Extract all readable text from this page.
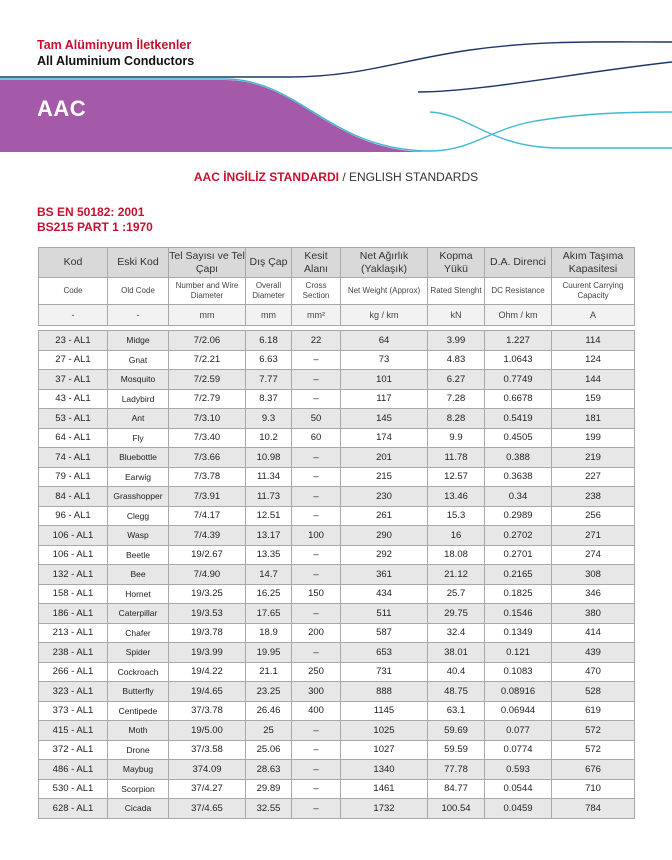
Tam Alüminyum İletkenler
All Aluminium Conductors
AAC
AAC İNGİLİZ STANDARDI / ENGLISH STANDARDS
BS EN 50182: 2001
BS215 PART 1 :1970
Kod	Eski Kod	Tel Sayısı ve Tel Çapı	Dış Çap	Kesit Alanı	Net Ağırlık (Yaklaşık)	Kopma Yükü	D.A. Direnci	Akım Taşıma Kapasitesi
Code	Old Code	Number and Wire Diameter	Overall Diameter	Cross Section	Net Weight (Approx)	Rated Stenght	DC Resistance	Cuurent Carrying Capacity
-	-	mm	mm	mm²	kg / km	kN	Ohm / km	A
23 - AL1	Midge	7/2.06	6.18	22	64	3.99	1.227	114
27 - AL1	Gnat	7/2.21	6.63	–	73	4.83	1.0643	124
37 - AL1	Mosquito	7/2.59	7.77	–	101	6.27	0.7749	144
43 - AL1	Ladybird	7/2.79	8.37	–	117	7.28	0.6678	159
53 - AL1	Ant	7/3.10	9.3	50	145	8.28	0.5419	181
64 - AL1	Fly	7/3.40	10.2	60	174	9.9	0.4505	199
74 - AL1	Bluebottle	7/3.66	10.98	–	201	11.78	0.388	219
79 - AL1	Earwig	7/3.78	11.34	–	215	12.57	0.3638	227
84 - AL1	Grasshopper	7/3.91	11.73	–	230	13.46	0.34	238
96 - AL1	Clegg	7/4.17	12.51	–	261	15.3	0.2989	256
106 - AL1	Wasp	7/4.39	13.17	100	290	16	0.2702	271
106 - AL1	Beetle	19/2.67	13.35	–	292	18.08	0.2701	274
132 - AL1	Bee	7/4.90	14.7	–	361	21.12	0.2165	308
158 - AL1	Hornet	19/3.25	16.25	150	434	25.7	0.1825	346
186 - AL1	Caterpillar	19/3.53	17.65	–	511	29.75	0.1546	380
213 - AL1	Chafer	19/3.78	18.9	200	587	32.4	0.1349	414
238 - AL1	Spider	19/3.99	19.95	–	653	38.01	0.121	439
266 - AL1	Cockroach	19/4.22	21.1	250	731	40.4	0.1083	470
323 - AL1	Butterfly	19/4.65	23.25	300	888	48.75	0.08916	528
373 - AL1	Centipede	37/3.78	26.46	400	1145	63.1	0.06944	619
415 - AL1	Moth	19/5.00	25	–	1025	59.69	0.077	572
372 - AL1	Drone	37/3.58	25.06	–	1027	59.59	0.0774	572
486 - AL1	Maybug	374.09	28.63	–	1340	77.78	0.593	676
530 - AL1	Scorpion	37/4.27	29.89	–	1461	84.77	0.0544	710
628 - AL1	Cicada	37/4.65	32.55	–	1732	100.54	0.0459	784
